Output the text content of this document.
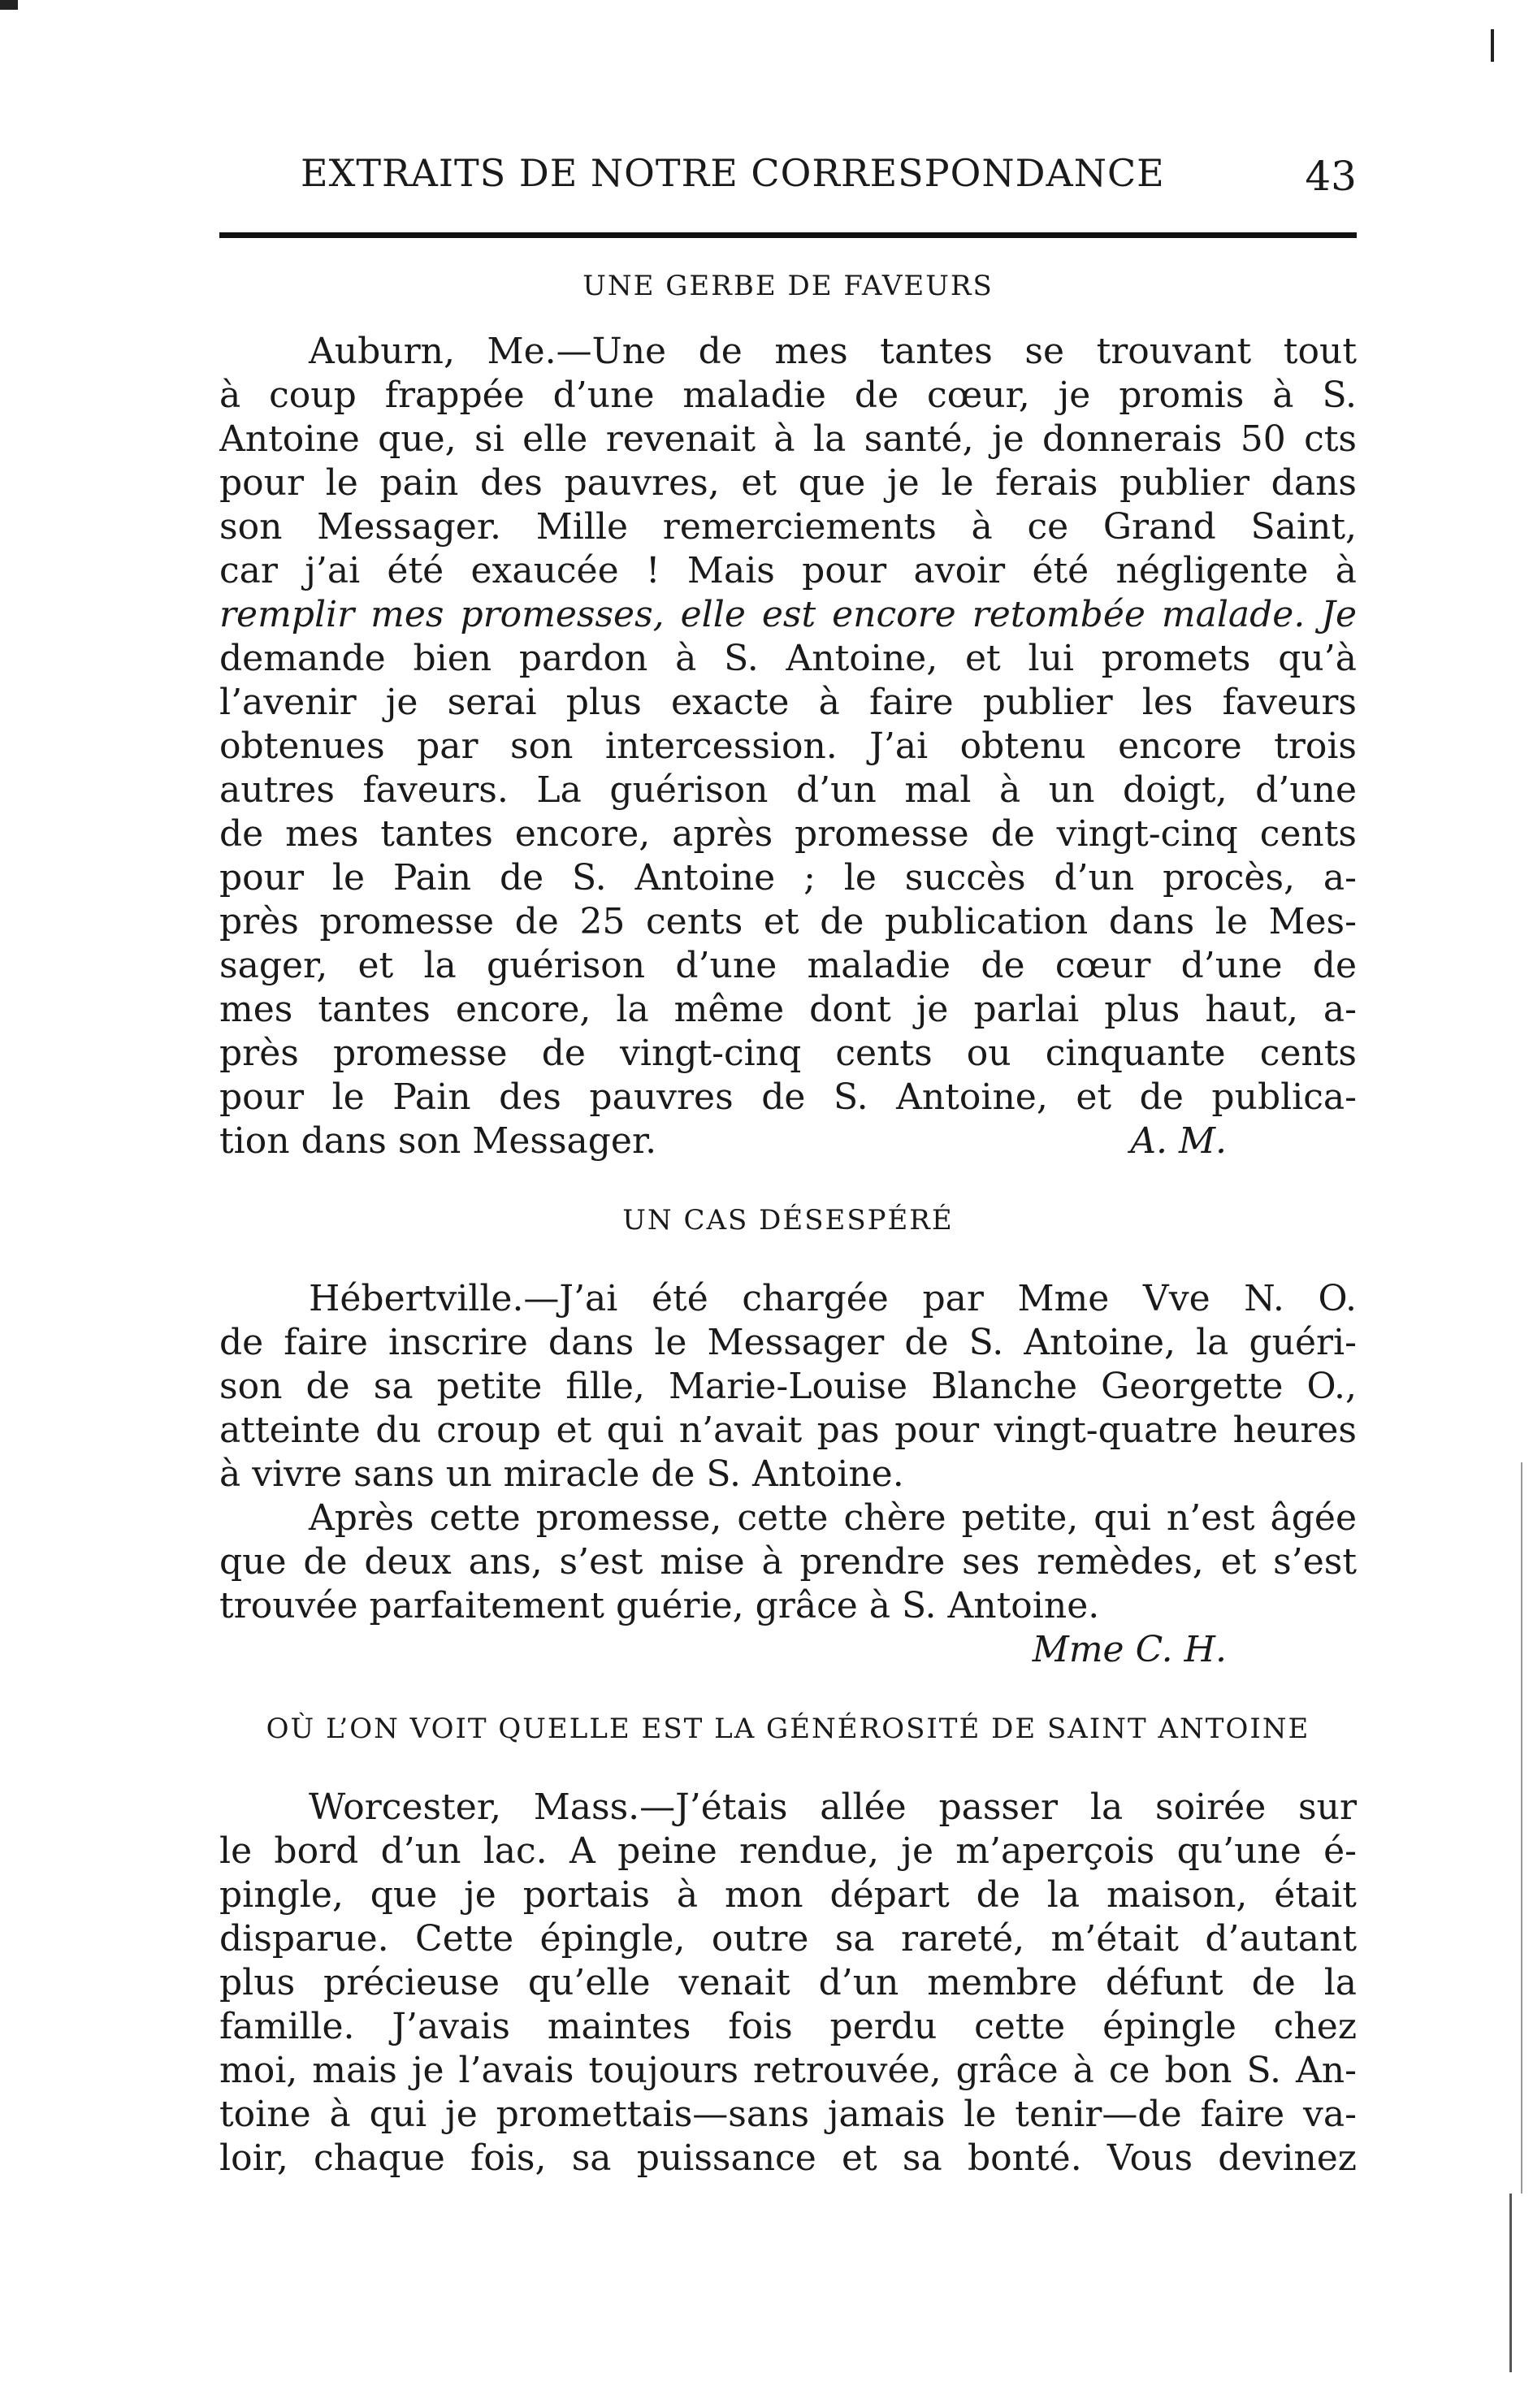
EXTRAITS DE NOTRE CORRESPONDANCE	43
UNE GERBE DE FAVEURS
Auburn, Me.—Une de mes tantes se trouvant tout
à coup frappée d’une maladie de cœur, je promis à S.
Antoine que, si elle revenait à la santé, je donnerais 50 cts
pour le pain des pauvres, et que je le ferais publier dans
son Messager. Mille remerciements à ce Grand Saint,
car j’ai été exaucée ! Mais pour avoir été négligente à
remplir mes promesses, elle est encore retombée malade. Je
demande bien pardon à S. Antoine, et lui promets qu’à
l’avenir je serai plus exacte à faire publier les faveurs
obtenues par son intercession. J’ai obtenu encore trois
autres faveurs. La guérison d’un mal à un doigt, d’une
de mes tantes encore, après promesse de vingt-cinq cents
pour le Pain de S. Antoine ; le succès d’un procès, a-
près promesse de 25 cents et de publication dans le Mes-
sager, et la guérison d’une maladie de cœur d’une de
mes tantes encore, la même dont je parlai plus haut, a-
près promesse de vingt-cinq cents ou cinquante cents
pour le Pain des pauvres de S. Antoine, et de publica-
tion dans son Messager.	A. M.
UN CAS DÉSESPÉRÉ
Hébertville.—J’ai été chargée par Mme Vve N. O.
de faire inscrire dans le Messager de S. Antoine, la guéri-
son de sa petite fille, Marie-Louise Blanche Georgette O.,
atteinte du croup et qui n’avait pas pour vingt-quatre heures
à vivre sans un miracle de S. Antoine.
Après cette promesse, cette chère petite, qui n’est âgée
que de deux ans, s’est mise à prendre ses remèdes, et s’est
trouvée parfaitement guérie, grâce à S. Antoine.
Mme C. H.
OÙ L’ON VOIT QUELLE EST LA GÉNÉROSITÉ DE SAINT ANTOINE
Worcester, Mass.—J’étais allée passer la soirée sur
le bord d’un lac. A peine rendue, je m’aperçois qu’une é-
pingle, que je portais à mon départ de la maison, était
disparue. Cette épingle, outre sa rareté, m’était d’autant
plus précieuse qu’elle venait d’un membre défunt de la
famille. J’avais maintes fois perdu cette épingle chez
moi, mais je l’avais toujours retrouvée, grâce à ce bon S. An-
toine à qui je promettais—sans jamais le tenir—de faire va-
loir, chaque fois, sa puissance et sa bonté. Vous devinez
